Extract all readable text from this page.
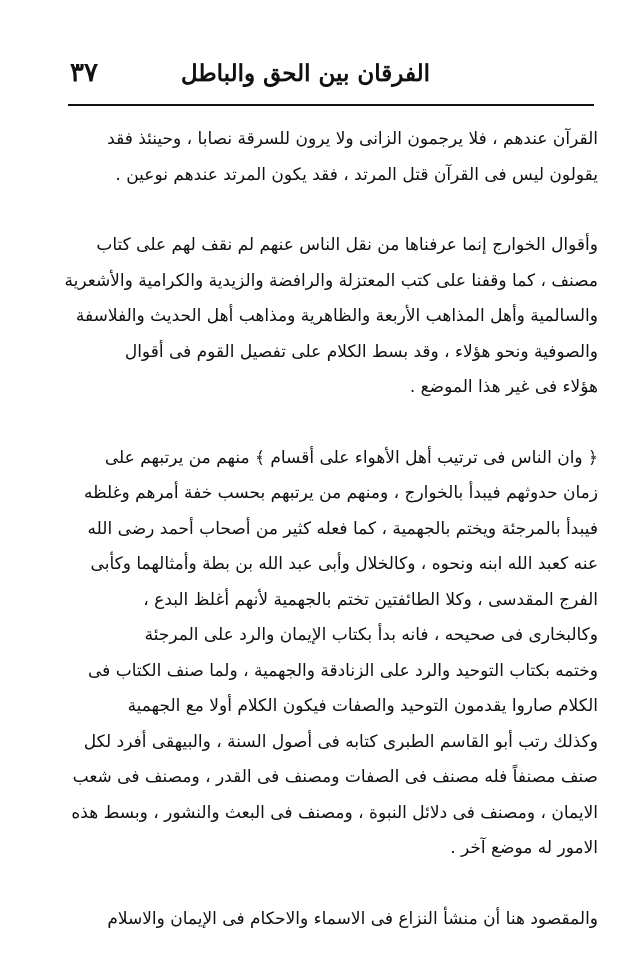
الفرقان بين الحق والباطل
٣٧
القرآن عندهم ، فلا يرجمون الزانى ولا يرون للسرقة نصابا ، وحينئذ فقد
يقولون ليس فى القرآن قتل المرتد ، فقد يكون المرتد عندهم نوعين .
وأقوال الخوارج إنما عرفناها من نقل الناس عنهم لم نقف لهم على كتاب
مصنف ، كما وقفنا على كتب المعتزلة والرافضة والزيدية والكرامية والأشعرية
والسالمية وأهل المذاهب الأربعة والظاهرية ومذاهب أهل الحديث والفلاسفة
والصوفية ونحو هؤلاء ، وقد بسط الكلام على تفصيل القوم فى أقوال
هؤلاء فى غير هذا الموضع .
﴿ وان الناس فى ترتيب أهل الأهواء على أقسام ﴾ منهم من يرتبهم على
زمان حدوثهم فيبدأ بالخوارج ، ومنهم من يرتبهم بحسب خفة أمرهم وغلظه
فيبدأ بالمرجئة ويختم بالجهمية ، كما فعله كثير من أصحاب أحمد رضى الله
عنه كعبد الله ابنه ونحوه ، وكالخلال وأبى عبد الله بن بطة وأمثالهما وكأبى
الفرج المقدسى ، وكلا الطائفتين تختم بالجهمية لأنهم أغلظ البدع ،
وكالبخارى فى صحيحه ، فانه بدأ بكتاب الإيمان والرد على المرجئة
وختمه بكتاب التوحيد والرد على الزنادقة والجهمية ، ولما صنف الكتاب فى
الكلام صاروا يقدمون التوحيد والصفات فيكون الكلام أولا مع الجهمية
وكذلك رتب أبو القاسم الطبرى كتابه فى أصول السنة ، والبيهقى أفرد لكل
صنف مصنفاً فله مصنف فى الصفات ومصنف فى القدر ، ومصنف فى شعب
الايمان ، ومصنف فى دلائل النبوة ، ومصنف فى البعث والنشور ، وبسط هذه
الامور له موضع آخر .
والمقصود هنا أن منشأ النزاع فى الاسماء والاحكام فى الإيمان والاسلام
